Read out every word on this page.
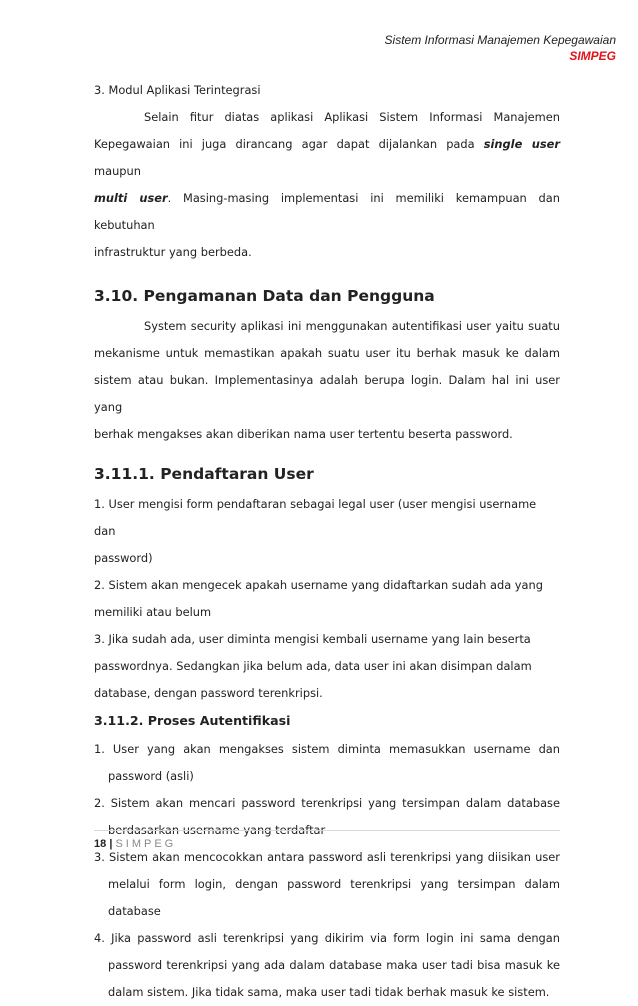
Sistem Informasi Manajemen Kepegawaian
SIMPEG

3. Modul Aplikasi Terintegrasi

Selain fitur diatas aplikasi Aplikasi Sistem Informasi Manajemen

Kepegawaian ini juga dirancang agar dapat dijalankan pada single user maupun

multi user. Masing-masing implementasi ini memiliki kemampuan dan kebutuhan

infrastruktur yang berbeda.

3.10. Pengamanan Data dan Pengguna

System security aplikasi ini menggunakan autentifikasi user yaitu suatu

mekanisme untuk memastikan apakah suatu user itu berhak masuk ke dalam

sistem atau bukan. Implementasinya adalah berupa login. Dalam hal ini user yang

berhak mengakses akan diberikan nama user tertentu beserta password.

3.11.1. Pendaftaran User

1. User mengisi form pendaftaran sebagai legal user (user mengisi username dan

password)

2. Sistem akan mengecek apakah username yang didaftarkan sudah ada yang

memiliki atau belum

3. Jika sudah ada, user diminta mengisi kembali username yang lain beserta

passwordnya. Sedangkan jika belum ada, data user ini akan disimpan dalam

database, dengan password terenkripsi.

3.11.2. Proses Autentifikasi

1. User yang akan mengakses sistem diminta memasukkan username dan

password (asli)

2. Sistem akan mencari password terenkripsi yang tersimpan dalam database

berdasarkan username yang terdaftar

3. Sistem akan mencocokkan antara password asli terenkripsi yang diisikan user

melalui form login, dengan password terenkripsi yang tersimpan dalam

database

4. Jika password asli terenkripsi yang dikirim via form login ini sama dengan

password terenkripsi yang ada dalam database maka user tadi bisa masuk ke

dalam sistem. Jika tidak sama, maka user tadi tidak berhak masuk ke sistem.

18 | SIMPEG
